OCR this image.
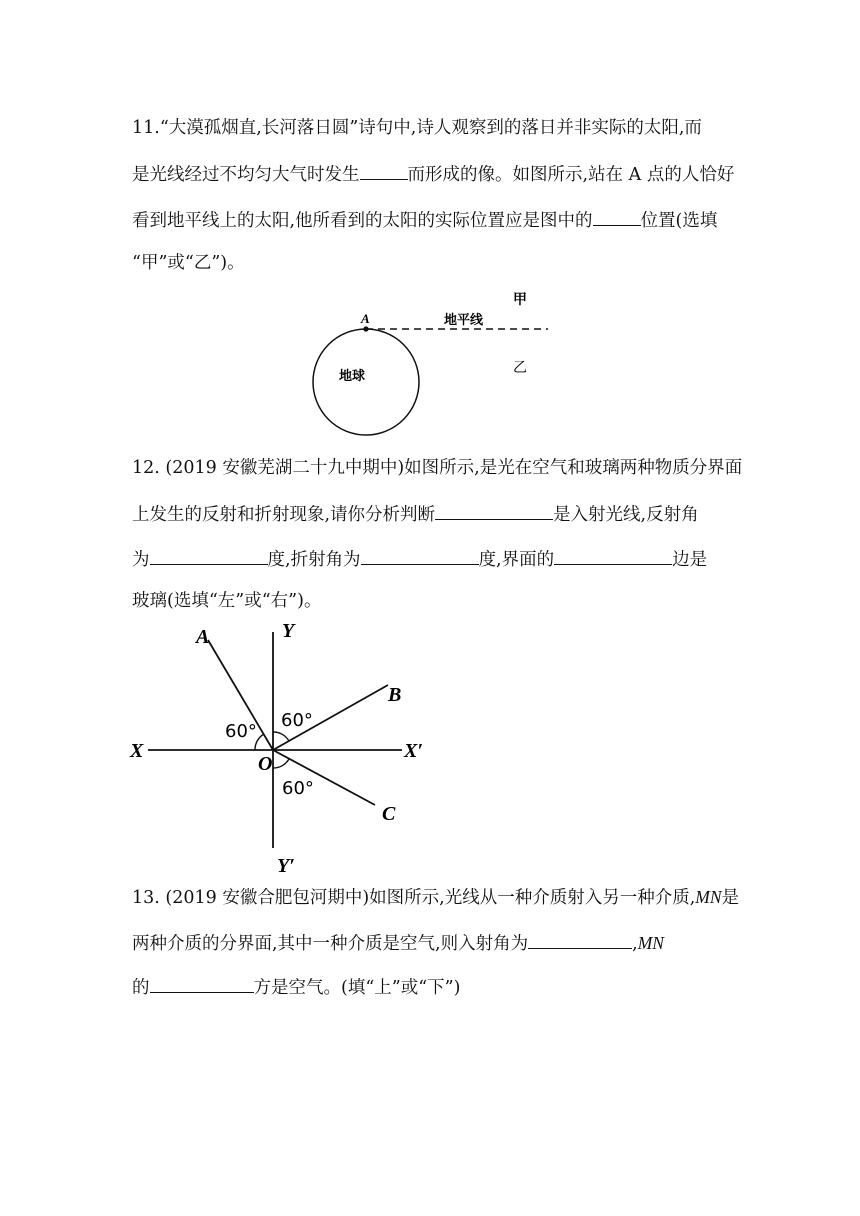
11.“大漠孤烟直,长河落日圆”诗句中,诗人观察到的落日并非实际的太阳,而
是光线经过不均匀大气时发生	而形成的像。如图所示,站在 A 点的人恰好
看到地平线上的太阳,他所看到的太阳的实际位置应是图中的	位置(选填
“甲”或“乙”)。
A	地平线
地球
甲
乙
12. (2019 安徽芜湖二十九中期中)如图所示,是光在空气和玻璃两种物质分界面
上发生的反射和折射现象,请你分析判断	是入射光线,反射角
为	度,折射角为	度,界面的	边是
玻璃(选填“左”或“右”)。
A	Y
B
X	X′
O
C
Y′
60°
60°
60°
13. (2019 安徽合肥包河期中)如图所示,光线从一种介质射入另一种介质,MN是
两种介质的分界面,其中一种介质是空气,则入射角为	,MN
的	方是空气。(填“上”或“下”)
